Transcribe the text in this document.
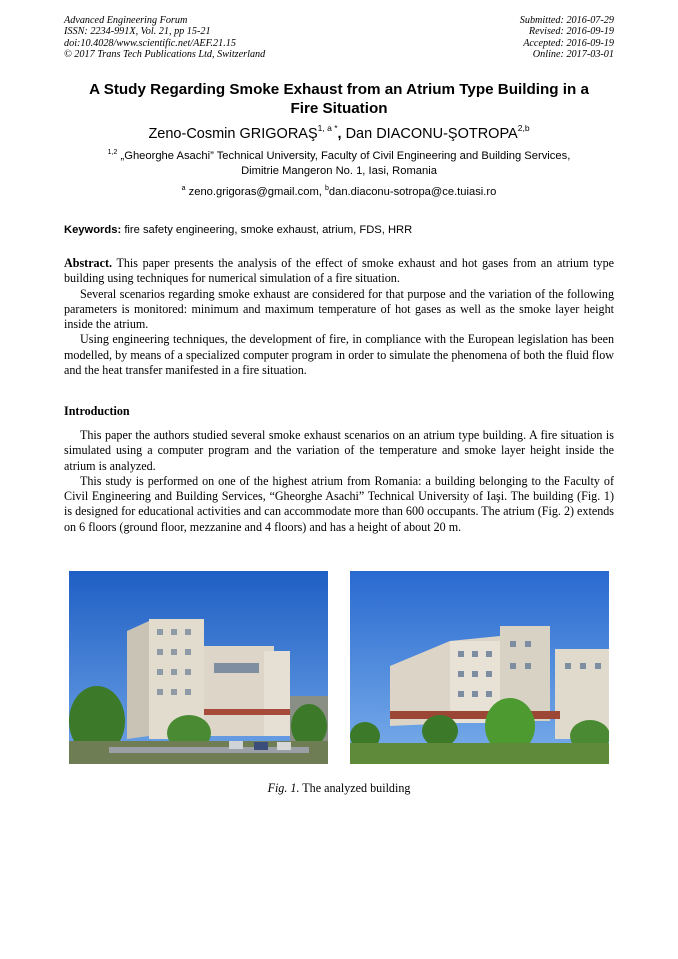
Advanced Engineering Forum
ISSN: 2234-991X, Vol. 21, pp 15-21
doi:10.4028/www.scientific.net/AEF.21.15
© 2017 Trans Tech Publications Ltd, Switzerland
Submitted: 2016-07-29
Revised: 2016-09-19
Accepted: 2016-09-19
Online: 2017-03-01
A Study Regarding Smoke Exhaust from an Atrium Type Building in a
Fire Situation
Zeno-Cosmin $GRIGORAŞ^{1, a *}$, Dan DIACONU-ŞOTROPA$^{2,b}$
$^{1,2}$ „Gheorghe Asachi” Technical University, Faculty of Civil Engineering and Building Services,
Dimitrie Mangeron No. 1, Iasi, Romania
$^a$ zeno.grigoras@gmail.com, $^b$dan.diaconu-sotropa@ce.tuiasi.ro
Keywords: fire safety engineering, smoke exhaust, atrium, FDS, HRR

Abstract. This paper presents the analysis of the effect of smoke exhaust and hot gases from an atrium type building using techniques for numerical simulation of a fire situation.

Several scenarios regarding smoke exhaust are considered for that purpose and the variation of the following parameters is monitored: minimum and maximum temperature of hot gases as well as the smoke layer height inside the atrium.

Using engineering techniques, the development of fire, in compliance with the European legislation has been modelled, by means of a specialized computer program in order to simulate the phenomena of both the fluid flow and the heat transfer manifested in a fire situation.

Introduction

This paper the authors studied several smoke exhaust scenarios on an atrium type building. A fire situation is simulated using a computer program and the variation of the temperature and smoke layer height inside the atrium is analyzed.

This study is performed on one of the highest atrium from Romania: a building belonging to the Faculty of Civil Engineering and Building Services, “Gheorghe Asachi” Technical University of Iaşi. The building (Fig. 1) is designed for educational activities and can accommodate more than 600 occupants. The atrium (Fig. 2) extends on 6 floors (ground floor, mezzanine and 4 floors) and has a height of about 20 m.

Fig. 1. The analyzed building
